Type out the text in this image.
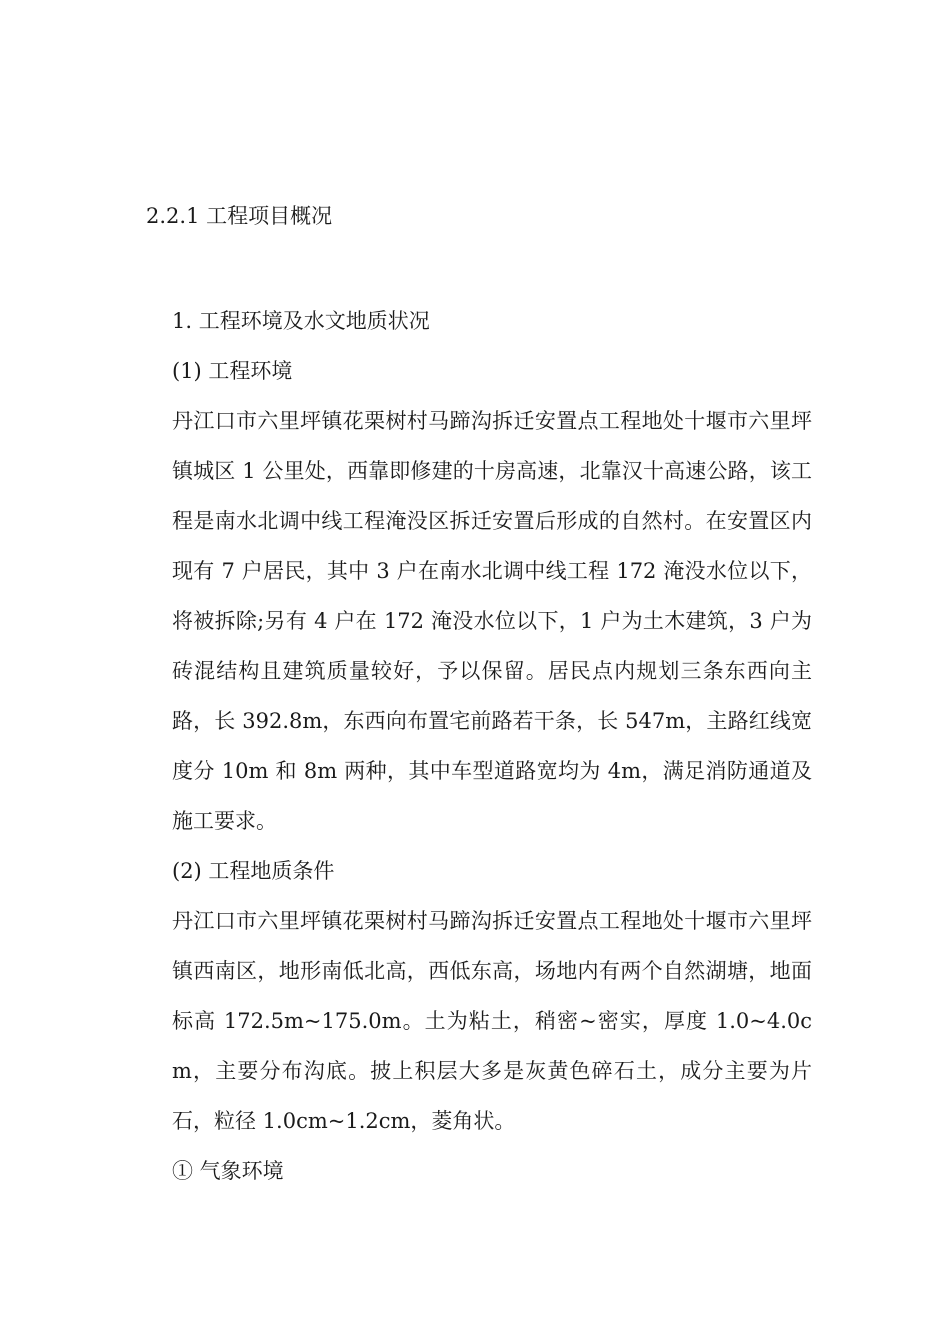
2.2.1 工程项目概况
1. 工程环境及水文地质状况
(1) 工程环境

丹江口市六里坪镇花栗树村马蹄沟拆迁安置点工程地处十堰市六里坪镇城区 1 公里处，西靠即修建的十房高速，北靠汉十高速公路，该工程是南水北调中线工程淹没区拆迁安置后形成的自然村。在安置区内现有 7 户居民，其中 3 户在南水北调中线工程 172 淹没水位以下，将被拆除;另有 4 户在 172 淹没水位以下，1 户为土木建筑，3 户为砖混结构且建筑质量较好，予以保留。居民点内规划三条东西向主路，长 392.8m，东西向布置宅前路若干条，长 547m，主路红线宽度分 10m 和 8m 两种，其中车型道路宽均为 4m，满足消防通道及施工要求。

(2) 工程地质条件

丹江口市六里坪镇花栗树村马蹄沟拆迁安置点工程地处十堰市六里坪镇西南区，地形南低北高，西低东高，场地内有两个自然湖塘，地面标高 172.5m~175.0m。土为粘土，稍密~密实，厚度 1.0~4.0cm，主要分布沟底。披上积层大多是灰黄色碎石土，成分主要为片石，粒径 1.0cm~1.2cm，菱角状。

① 气象环境
